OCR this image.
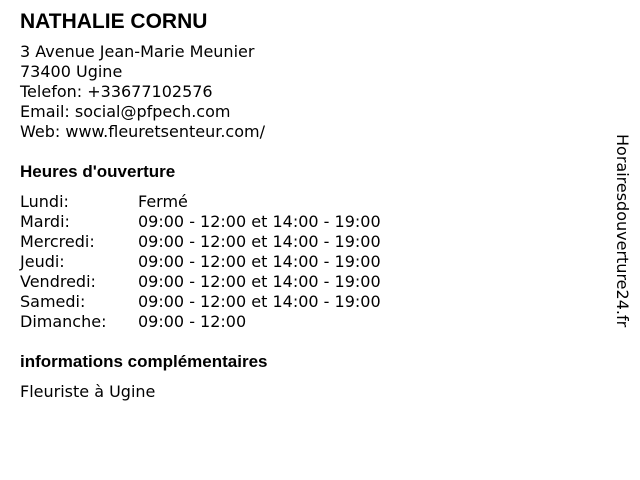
NATHALIE CORNU
3 Avenue Jean-Marie Meunier
73400 Ugine
Telefon: +33677102576
Email: social@pfpech.com
Web: www.fleuretsenteur.com/
Heures d'ouverture
Lundi:	Fermé
Mardi:	09:00 - 12:00 et 14:00 - 19:00
Mercredi:	09:00 - 12:00 et 14:00 - 19:00
Jeudi:	09:00 - 12:00 et 14:00 - 19:00
Vendredi:	09:00 - 12:00 et 14:00 - 19:00
Samedi:	09:00 - 12:00 et 14:00 - 19:00
Dimanche:	09:00 - 12:00
informations complémentaires
Fleuriste à Ugine
Horairesdouverture24.fr
